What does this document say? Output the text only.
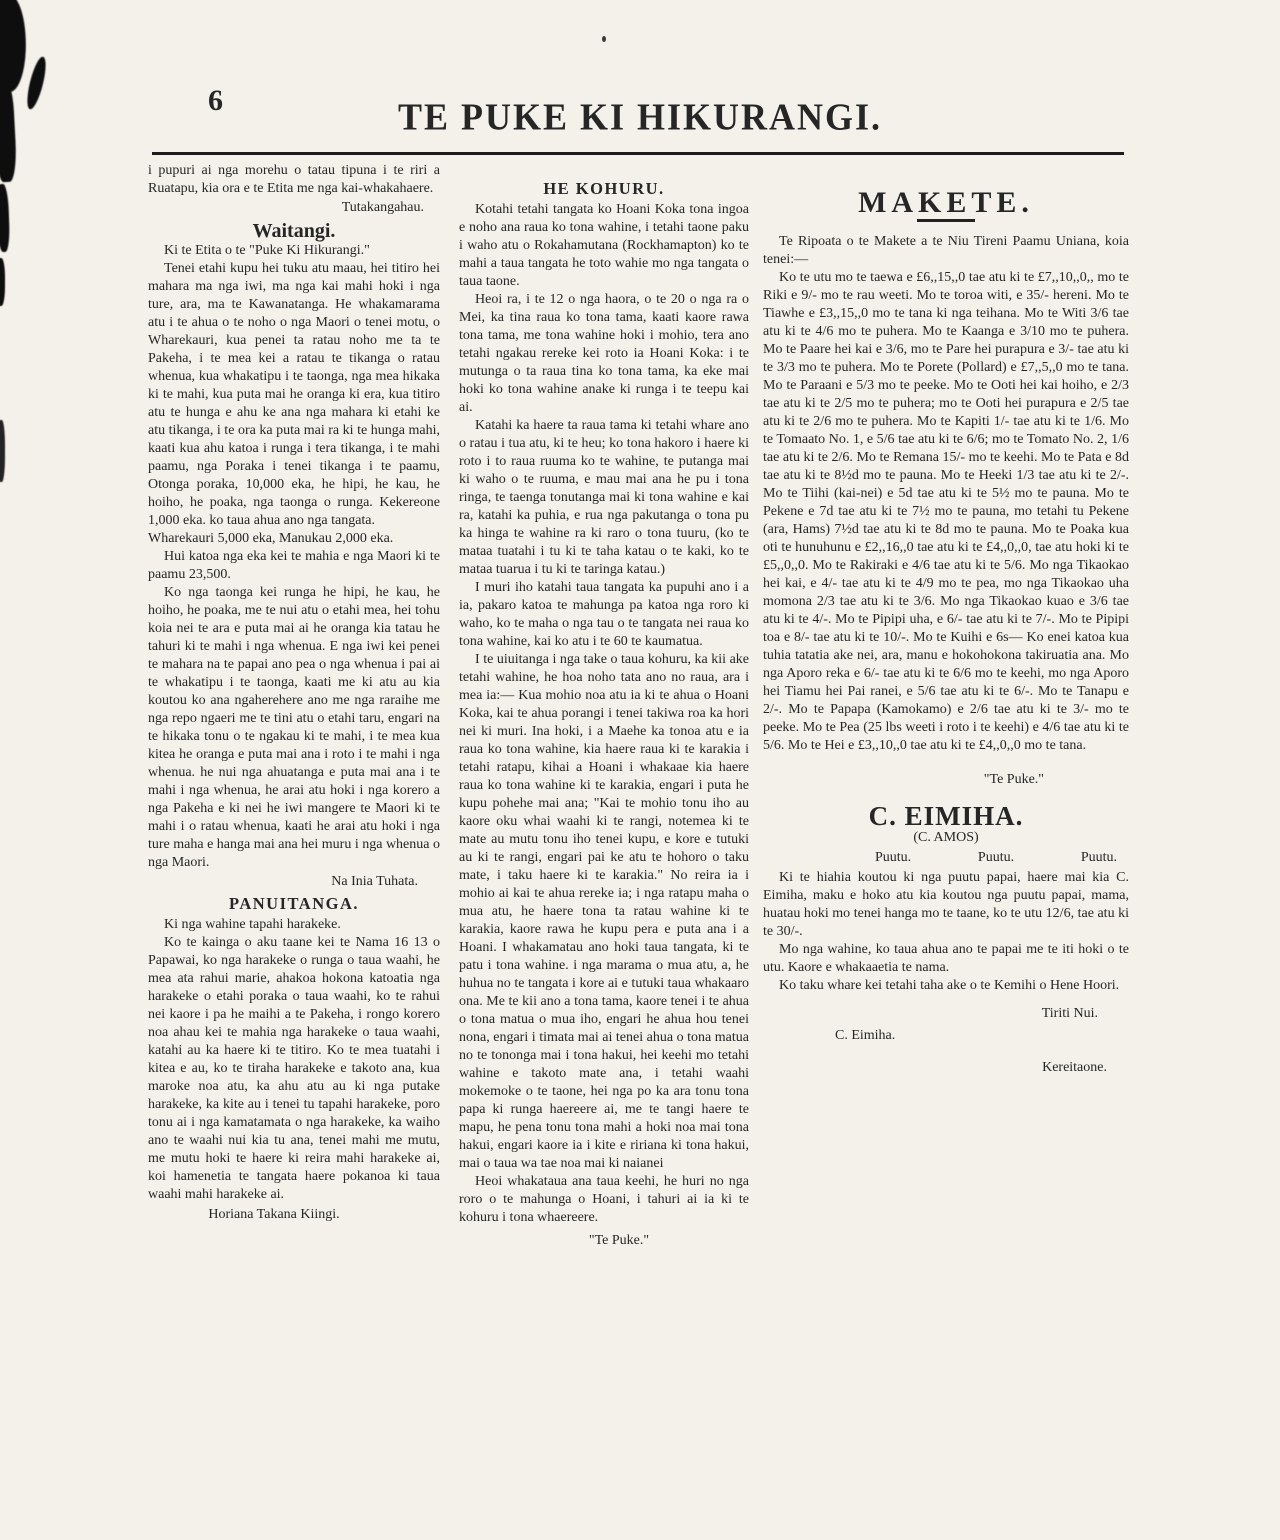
6	TE PUKE KI HIKURANGI.

i pupuri ai nga morehu o tatau tipuna i te riri a Ruatapu, kia ora e te Etita me nga kai-whakahaere.

Tutakangahau.
Waitangi.

Ki te Etita o te "Puke Ki Hikurangi."

Tenei etahi kupu hei tuku atu maau, hei titiro hei mahara ma nga iwi, ma nga kai mahi hoki i nga ture, ara, ma te Kawanatanga. He whakamarama atu i te ahua o te noho o nga Maori o tenei motu, o Wharekauri, kua penei ta ratau noho me ta te Pakeha, i te mea kei a ratau te tikanga o ratau whenua, kua whakatipu i te taonga, nga mea hikaka ki te mahi, kua puta mai he oranga ki era, kua titiro atu te hunga e ahu ke ana nga mahara ki etahi ke atu tikanga, i te ora ka puta mai ra ki te hunga mahi, kaati kua ahu katoa i runga i tera tikanga, i te mahi paamu, nga Poraka i tenei tikanga i te paamu, Otonga poraka, 10,000 eka, he hipi, he kau, he hoiho, he poaka, nga taonga o runga. Kekereone 1,000 eka. ko taua ahua ano nga tangata.

Wharekauri 5,000 eka, Manukau 2,000 eka.

Hui katoa nga eka kei te mahia e nga Maori ki te paamu 23,500.

Ko nga taonga kei runga he hipi, he kau, he hoiho, he poaka, me te nui atu o etahi mea, hei tohu koia nei te ara e puta mai ai he oranga kia tatau he tahuri ki te mahi i nga whenua. E nga iwi kei penei te mahara na te papai ano pea o nga whenua i pai ai te whakatipu i te taonga, kaati me ki atu au kia koutou ko ana ngaherehere ano me nga raraihe me nga repo ngaeri me te tini atu o etahi taru, engari na te hikaka tonu o te ngakau ki te mahi, i te mea kua kitea he oranga e puta mai ana i roto i te mahi i nga whenua. he nui nga ahuatanga e puta mai ana i te mahi i nga whenua, he arai atu hoki i nga korero a nga Pakeha e ki nei he iwi mangere te Maori ki te mahi i o ratau whenua, kaati he arai atu hoki i nga ture maha e hanga mai ana hei muru i nga whenua o nga Maori.

Na Inia Tuhata.
PANUITANGA.

Ki nga wahine tapahi harakeke.

Ko te kainga o aku taane kei te Nama 16 13 o Papawai, ko nga harakeke o runga o taua waahi, he mea ata rahui marie, ahakoa hokona katoatia nga harakeke o etahi poraka o taua waahi, ko te rahui nei kaore i pa he maihi a te Pakeha, i rongo korero noa ahau kei te mahia nga harakeke o taua waahi, katahi au ka haere ki te titiro. Ko te mea tuatahi i kitea e au, ko te tiraha harakeke e takoto ana, kua maroke noa atu, ka ahu atu au ki nga putake harakeke, ka kite au i tenei tu tapahi harakeke, poro tonu ai i nga kamatamata o nga harakeke, ka waiho ano te waahi nui kia tu ana, tenei mahi me mutu, me mutu hoki te haere ki reira mahi harakeke ai, koi hamenetia te tangata haere pokanoa ki taua waahi mahi harakeke ai.

Horiana Takana Kiingi.
HE KOHURU.

Kotahi tetahi tangata ko Hoani Koka tona ingoa e noho ana raua ko tona wahine, i tetahi taone paku i waho atu o Rokahamutana (Rockhamapton) ko te mahi a taua tangata he toto wahie mo nga tangata o taua taone.

Heoi ra, i te 12 o nga haora, o te 20 o nga ra o Mei, ka tina raua ko tona tama, kaati kaore rawa tona tama, me tona wahine hoki i mohio, tera ano tetahi ngakau rereke kei roto ia Hoani Koka: i te mutunga o ta raua tina ko tona tama, ka eke mai hoki ko tona wahine anake ki runga i te teepu kai ai.

Katahi ka haere ta raua tama ki tetahi whare ano o ratau i tua atu, ki te heu; ko tona hakoro i haere ki roto i to raua ruuma ko te wahine, te putanga mai ki waho o te ruuma, e mau mai ana he pu i tona ringa, te taenga tonutanga mai ki tona wahine e kai ra, katahi ka puhia, e rua nga pakutanga o tona pu ka hinga te wahine ra ki raro o tona tuuru, (ko te mataa tuatahi i tu ki te taha katau o te kaki, ko te mataa tuarua i tu ki te taringa katau.)

I muri iho katahi taua tangata ka pupuhi ano i a ia, pakaro katoa te mahunga pa katoa nga roro ki waho, ko te maha o nga tau o te tangata nei raua ko tona wahine, kai ko atu i te 60 te kaumatua.

I te uiuitanga i nga take o taua kohuru, ka kii ake tetahi wahine, he hoa noho tata ano no raua, ara i mea ia:— Kua mohio noa atu ia ki te ahua o Hoani Koka, kai te ahua porangi i tenei takiwa roa ka hori nei ki muri. Ina hoki, i a Maehe ka tonoa atu e ia raua ko tona wahine, kia haere raua ki te karakia i tetahi ratapu, kihai a Hoani i whakaae kia haere raua ko tona wahine ki te karakia, engari i puta he kupu pohehe mai ana; "Kai te mohio tonu iho au kaore oku whai waahi ki te rangi, notemea ki te mate au mutu tonu iho tenei kupu, e kore e tutuki au ki te rangi, engari pai ke atu te hohoro o taku mate, i taku haere ki te karakia." No reira ia i mohio ai kai te ahua rereke ia; i nga ratapu maha o mua atu, he haere tona ta ratau wahine ki te karakia, kaore rawa he kupu pera e puta ana i a Hoani. I whakamatau ano hoki taua tangata, ki te patu i tona wahine. i nga marama o mua atu, a, he huhua no te tangata i kore ai e tutuki taua whakaaro ona. Me te kii ano a tona tama, kaore tenei i te ahua o tona matua o mua iho, engari he ahua hou tenei nona, engari i timata mai ai tenei ahua o tona matua no te tononga mai i tona hakui, hei keehi mo tetahi wahine e takoto mate ana, i tetahi waahi mokemoke o te taone, hei nga po ka ara tonu tona papa ki runga haereere ai, me te tangi haere te mapu, he pena tonu tona mahi a hoki noa mai tona hakui, engari kaore ia i kite e ririana ki tona hakui, mai o taua wa tae noa mai ki naianei

Heoi whakataua ana taua keehi, he huri no nga roro o te mahunga o Hoani, i tahuri ai ia ki te kohuru i tona whaereere.

"Te Puke."
MAKETE.

Te Ripoata o te Makete a te Niu Tireni Paamu Uniana, koia tenei:—

Ko te utu mo te taewa e £6,,15,,0 tae atu ki te £7,,10,,0,, mo te Riki e 9/- mo te rau weeti. Mo te toroa witi, e 35/- hereni. Mo te Tiawhe e £3,,15,,0 mo te tana ki nga teihana. Mo te Witi 3/6 tae atu ki te 4/6 mo te puhera. Mo te Kaanga e 3/10 mo te puhera. Mo te Paare hei kai e 3/6, mo te Pare hei purapura e 3/- tae atu ki te 3/3 mo te puhera. Mo te Porete (Pollard) e £7,,5,,0 mo te tana. Mo te Paraani e 5/3 mo te peeke. Mo te Ooti hei kai hoiho, e 2/3 tae atu ki te 2/5 mo te puhera; mo te Ooti hei purapura e 2/5 tae atu ki te 2/6 mo te puhera. Mo te Kapiti 1/- tae atu ki te 1/6. Mo te Tomaato No. 1, e 5/6 tae atu ki te 6/6; mo te Tomato No. 2, 1/6 tae atu ki te 2/6. Mo te Remana 15/- mo te keehi. Mo te Pata e 8d tae atu ki te 8½d mo te pauna. Mo te Heeki 1/3 tae atu ki te 2/-. Mo te Tiihi (kai-nei) e 5d tae atu ki te 5½ mo te pauna. Mo te Pekene e 7d tae atu ki te 7½ mo te pauna, mo tetahi tu Pekene (ara, Hams) 7½d tae atu ki te 8d mo te pauna. Mo te Poaka kua oti te hunuhunu e £2,,16,,0 tae atu ki te £4,,0,,0, tae atu hoki ki te £5,,0,,0. Mo te Rakiraki e 4/6 tae atu ki te 5/6. Mo nga Tikaokao hei kai, e 4/- tae atu ki te 4/9 mo te pea, mo nga Tikaokao uha momona 2/3 tae atu ki te 3/6. Mo nga Tikaokao kuao e 3/6 tae atu ki te 4/-. Mo te Pipipi uha, e 6/- tae atu ki te 7/-. Mo te Pipipi toa e 8/- tae atu ki te 10/-. Mo te Kuihi e 6s— Ko enei katoa kua tuhia tatatia ake nei, ara, manu e hokohokona takiruatia ana. Mo nga Aporo reka e 6/- tae atu ki te 6/6 mo te keehi, mo nga Aporo hei Tiamu hei Pai ranei, e 5/6 tae atu ki te 6/-. Mo te Tanapu e 2/-. Mo te Papapa (Kamokamo) e 2/6 tae atu ki te 3/- mo te peeke. Mo te Pea (25 lbs weeti i roto i te keehi) e 4/6 tae atu ki te 5/6. Mo te Hei e £3,,10,,0 tae atu ki te £4,,0,,0 mo te tana.

"Te Puke."
C. EIMIHA.
(C. AMOS)
Puutu.	Puutu.	Puutu.

Ki te hiahia koutou ki nga puutu papai, haere mai kia C. Eimiha, maku e hoko atu kia koutou nga puutu papai, mama, huatau hoki mo tenei hanga mo te taane, ko te utu 12/6, tae atu ki te 30/-.

Mo nga wahine, ko taua ahua ano te papai me te iti hoki o te utu. Kaore e whakaaetia te nama.

Ko taku whare kei tetahi taha ake o te Kemihi o Hene Hoori.

Tiriti Nui.
C. Eimiha.
Kereitaone.
